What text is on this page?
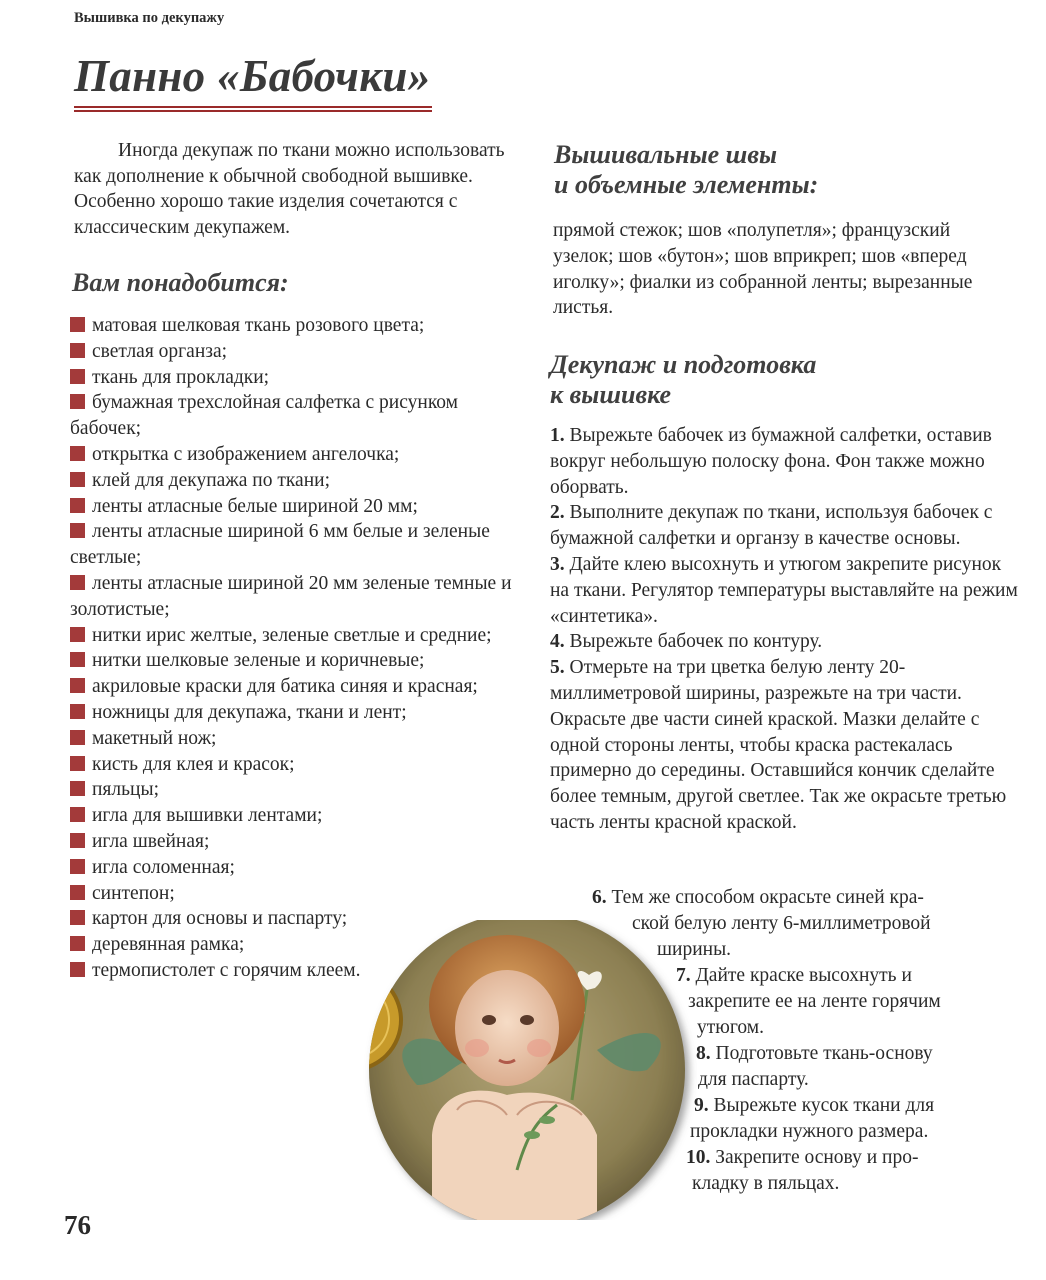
Вышивка по декупажу
Панно «Бабочки»

Иногда декупаж по ткани можно использовать как дополнение к обычной свободной вышивке. Особенно хорошо такие изделия сочетаются с классическим декупажем.

Вам понадобится:
матовая шелковая ткань розового цвета;
светлая органза;
ткань для прокладки;
бумажная трехслойная салфетка с рисунком бабочек;
открытка с изображением ангелочка;
клей для декупажа по ткани;
ленты атласные белые шириной 20 мм;
ленты атласные шириной 6 мм белые и зеленые светлые;
ленты атласные шириной 20 мм зеленые темные и золотистые;
нитки ирис желтые, зеленые светлые и средние;
нитки шелковые зеленые и коричневые;
акриловые краски для батика синяя и красная;
ножницы для декупажа, ткани и лент;
макетный нож;
кисть для клея и красок;
пяльцы;
игла для вышивки лентами;
игла швейная;
игла соломенная;
синтепон;
картон для основы и паспарту;
деревянная рамка;
термопистолет с горячим клеем.
Вышивальные швы
и объемные элементы:

прямой стежок; шов «полупетля»; французский узелок; шов «бутон»; шов вприкреп; шов «вперед иголку»; фиалки из собранной ленты; вырезанные листья.

Декупаж и подготовка
к вышивке
1. Вырежьте бабочек из бумажной салфетки, оставив вокруг небольшую полоску фона. Фон также можно оборвать.
2. Выполните декупаж по ткани, используя бабочек с бумажной салфетки и органзу в качестве основы.
3. Дайте клею высохнуть и утюгом закрепите рисунок на ткани. Регулятор температуры выставляйте на режим «синтетика».
4. Вырежьте бабочек по контуру.
5. Отмерьте на три цветка белую ленту 20-миллиметровой ширины, разрежьте на три части. Окрасьте две части синей краской. Мазки делайте с одной стороны ленты, чтобы краска растекалась примерно до середины. Оставшийся кончик сделайте более темным, другой светлее. Так же окрасьте третью часть ленты красной краской.

6. Тем же способом окрасьте синей кра-

ской белую ленту 6-миллиметровой

ширины.

7. Дайте краске высохнуть и

закрепите ее на ленте горячим

утюгом.

8. Подготовьте ткань-основу

для паспарту.

9. Вырежьте кусок ткани для

прокладки нужного размера.

10. Закрепите основу и про-

кладку в пяльцах.

76
